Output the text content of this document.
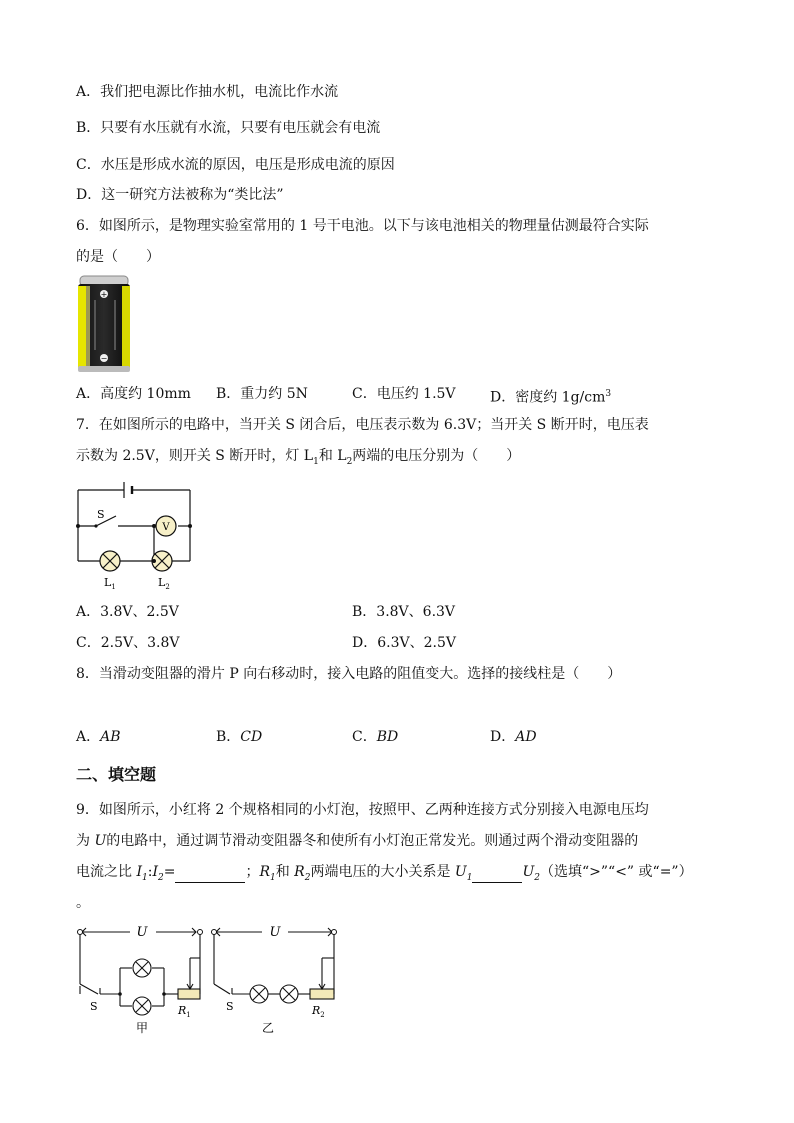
A．我们把电源比作抽水机，电流比作水流
B．只要有水压就有水流，只要有电压就会有电流
C．水压是形成水流的原因，电压是形成电流的原因
D．这一研究方法被称为“类比法”
6．如图所示，是物理实验室常用的 1 号干电池。以下与该电池相关的物理量估测最符合实际
的是（　　）
+
−
A．高度约 10mm B．重力约 5N	C．电压约 1.5V D．密度约 $1g/cm^3$
7．在如图所示的电路中，当开关 S 闭合后，电压表示数为 6.3V；当开关 S 断开时，电压表
示数为 2.5V，则开关 S 断开时，灯 $L_1$和 $L_2$两端的电压分别为（　　）
S
V
$L_1$	$L_2$
A．3.8V、2.5V	B．3.8V、6.3V
C．2.5V、3.8V	D．6.3V、2.5V
8．当滑动变阻器的滑片 P 向右移动时，接入电路的阻值变大。选择的接线柱是（　　）
A．AB	B．CD	C．BD	D．AD
二、填空题
9．如图所示，小红将 2 个规格相同的小灯泡，按照甲、乙两种连接方式分别接入电源电压均
为 U的电路中，通过调节滑动变阻器冬和使所有小灯泡正常发光。则通过两个滑动变阻器的
电流之比 $I_1:I_2=$	；$R_1$和 $R_2$两端电压的大小关系是 $U_1$	$U_2$（选填“>”“<” 或“=”）
。
U
S	$R_1$
甲
U
S	$R_2$
乙
